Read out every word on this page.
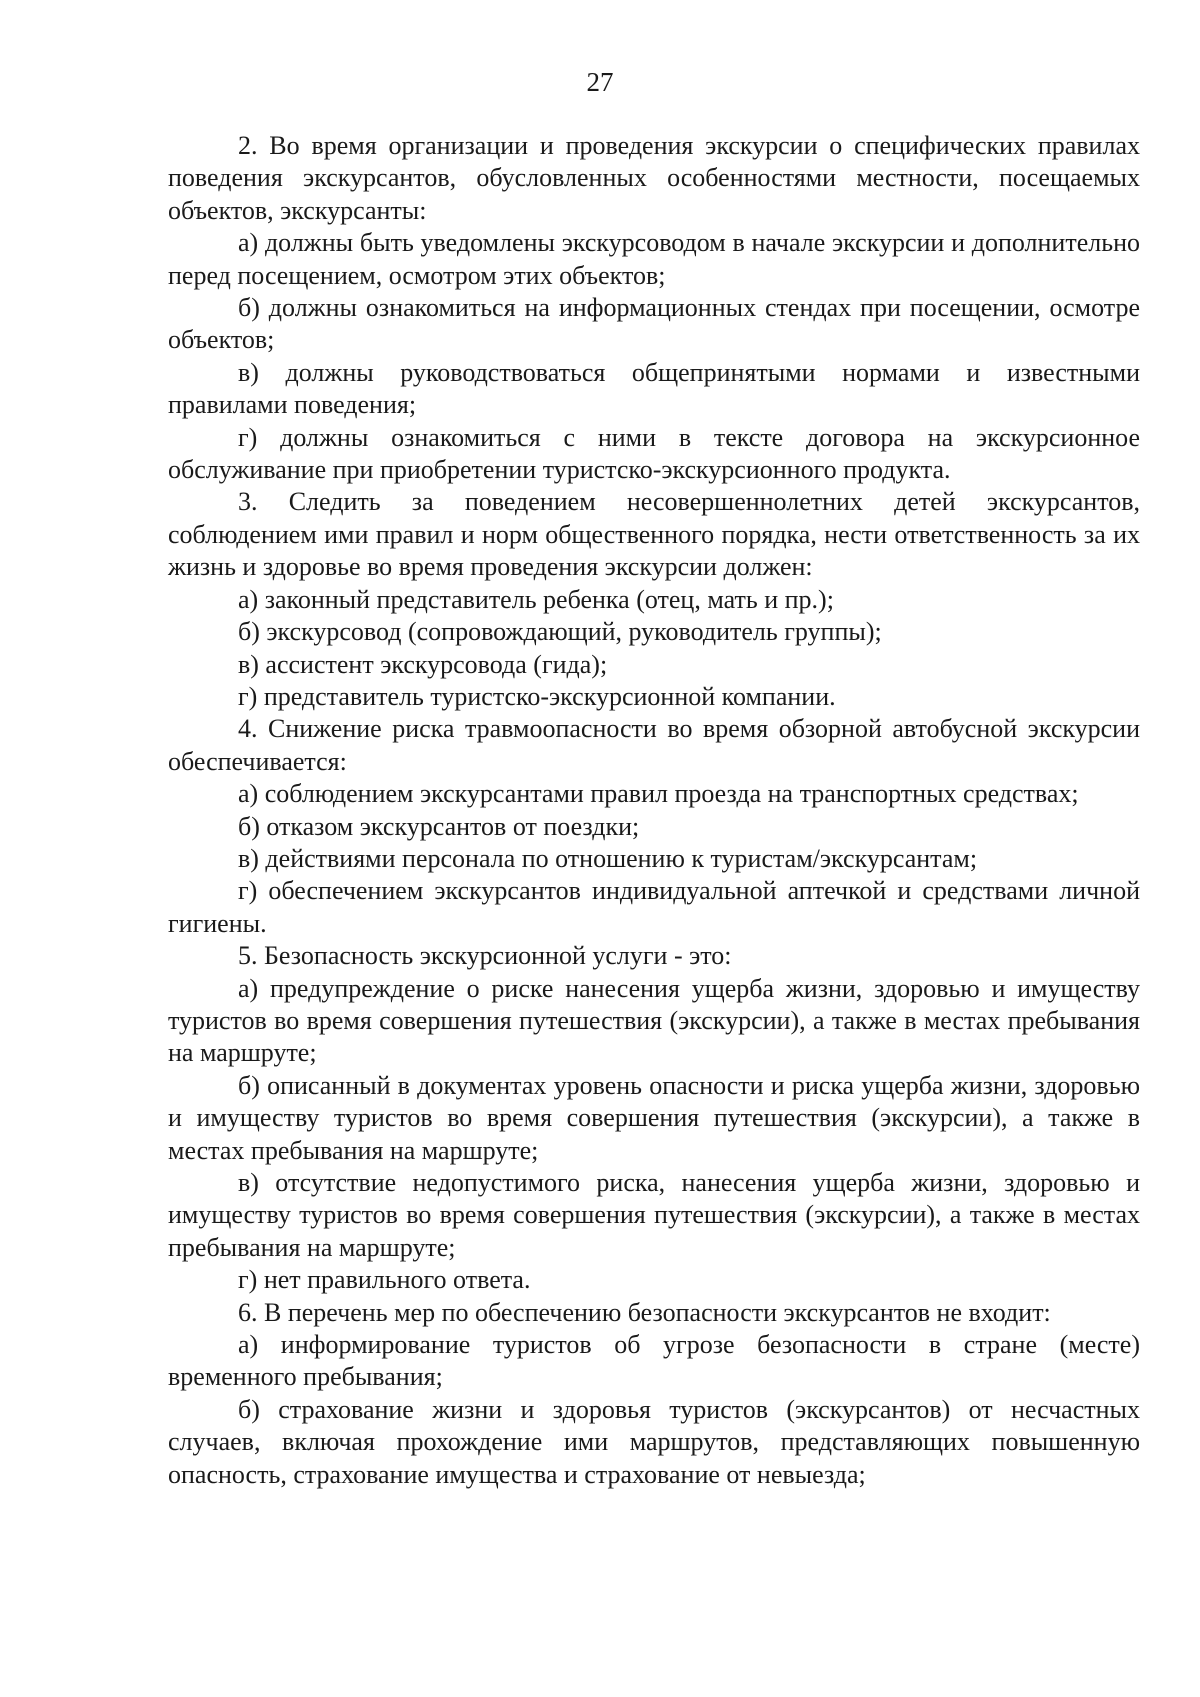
27

2. Во время организации и проведения экскурсии о специфических правилах поведения экскурсантов, обусловленных особенностями местности, посещаемых объектов, экскурсанты:

а) должны быть уведомлены экскурсоводом в начале экскурсии и дополнительно перед посещением, осмотром этих объектов;

б) должны ознакомиться на информационных стендах при посещении, осмотре объектов;

в) должны руководствоваться общепринятыми нормами и известными правилами поведения;

г) должны ознакомиться с ними в тексте договора на экскурсионное обслуживание при приобретении туристско-экскурсионного продукта.

3. Следить за поведением несовершеннолетних детей экскурсантов, соблюдением ими правил и норм общественного порядка, нести ответственность за их жизнь и здоровье во время проведения экскурсии должен:

а) законный представитель ребенка (отец, мать и пр.);

б) экскурсовод (сопровождающий, руководитель группы);

в) ассистент экскурсовода (гида);

г) представитель туристско-экскурсионной компании.

4. Снижение риска травмоопасности во время обзорной автобусной экскурсии обеспечивается:

а) соблюдением экскурсантами правил проезда на транспортных средствах;

б) отказом экскурсантов от поездки;

в) действиями персонала по отношению к туристам/экскурсантам;

г) обеспечением экскурсантов индивидуальной аптечкой и средствами личной гигиены.

5. Безопасность экскурсионной услуги - это:

а) предупреждение о риске нанесения ущерба жизни, здоровью и имуществу туристов во время совершения путешествия (экскурсии), а также в местах пребывания на маршруте;

б) описанный в документах уровень опасности и риска ущерба жизни, здоровью и имуществу туристов во время совершения путешествия (экскурсии), а также в местах пребывания на маршруте;

в) отсутствие недопустимого риска, нанесения ущерба жизни, здоровью и имуществу туристов во время совершения путешествия (экскурсии), а также в местах пребывания на маршруте;

г) нет правильного ответа.

6. В перечень мер по обеспечению безопасности экскурсантов не входит:

а) информирование туристов об угрозе безопасности в стране (месте) временного пребывания;

б) страхование жизни и здоровья туристов (экскурсантов) от несчастных случаев, включая прохождение ими маршрутов, представляющих повышенную опасность, страхование имущества и страхование от невыезда;
